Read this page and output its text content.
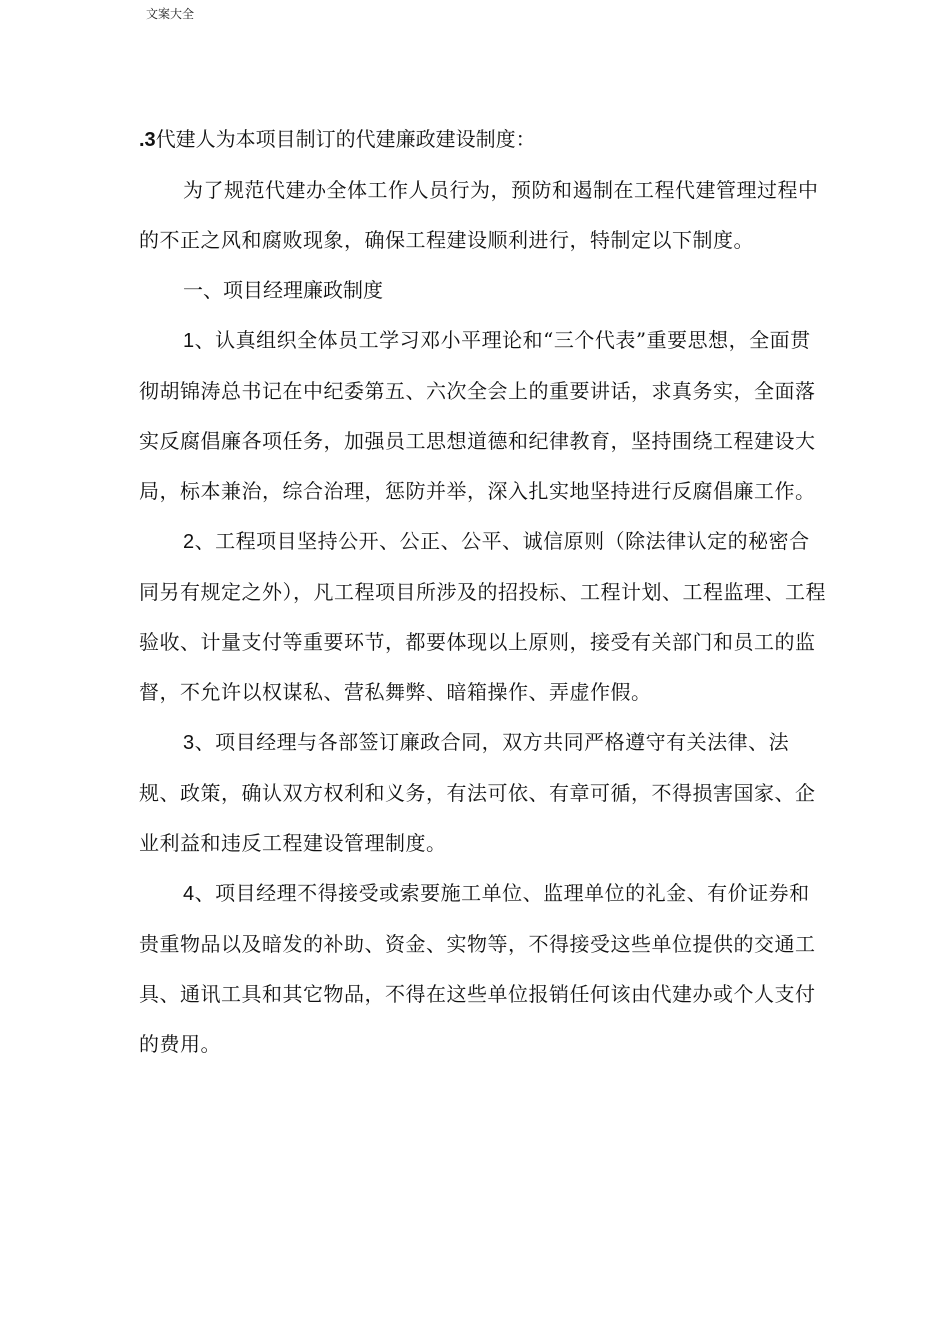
文案大全
.3代建人为本项目制订的代建廉政建设制度：

为了规范代建办全体工作人员行为，预防和遏制在工程代建管理过程中的不正之风和腐败现象，确保工程建设顺利进行，特制定以下制度。

一、项目经理廉政制度

1、认真组织全体员工学习邓小平理论和“三个代表”重要思想，全面贯彻胡锦涛总书记在中纪委第五、六次全会上的重要讲话，求真务实，全面落实反腐倡廉各项任务，加强员工思想道德和纪律教育，坚持围绕工程建设大局，标本兼治，综合治理，惩防并举，深入扎实地坚持进行反腐倡廉工作。

2、工程项目坚持公开、公正、公平、诚信原则（除法律认定的秘密合同另有规定之外），凡工程项目所涉及的招投标、工程计划、工程监理、工程验收、计量支付等重要环节，都要体现以上原则，接受有关部门和员工的监督，不允许以权谋私、营私舞弊、暗箱操作、弄虚作假。

3、项目经理与各部签订廉政合同，双方共同严格遵守有关法律、法规、政策，确认双方权利和义务，有法可依、有章可循，不得损害国家、企业利益和违反工程建设管理制度。

4、项目经理不得接受或索要施工单位、监理单位的礼金、有价证券和贵重物品以及暗发的补助、资金、实物等，不得接受这些单位提供的交通工具、通讯工具和其它物品，不得在这些单位报销任何该由代建办或个人支付的费用。
